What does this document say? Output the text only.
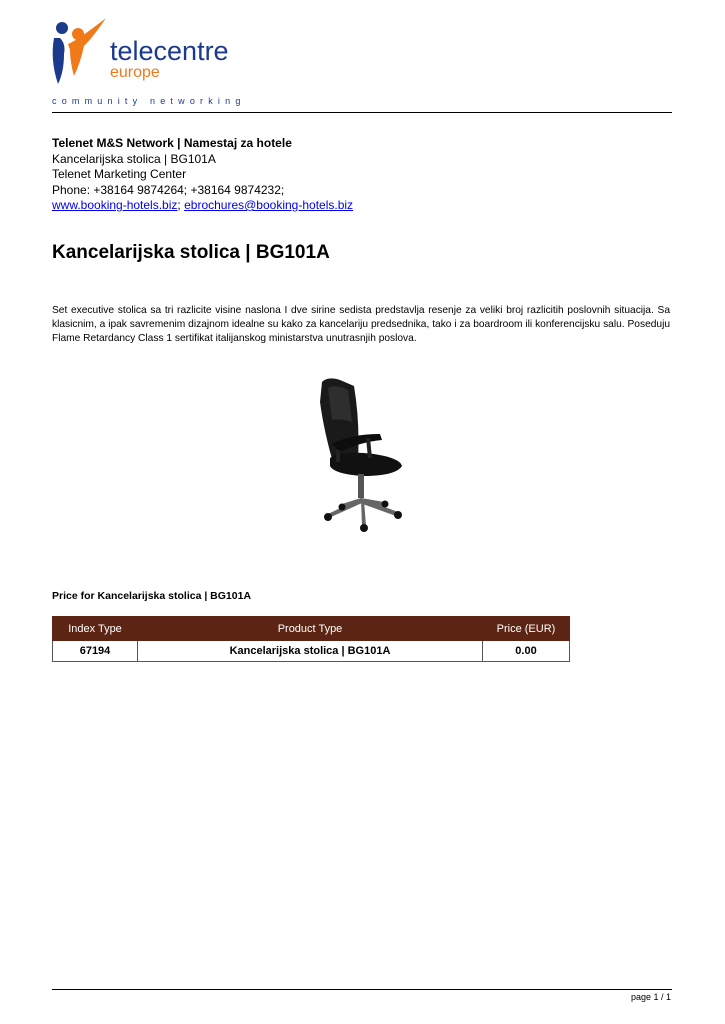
telecentre
europe
community networking
Telenet M&S Network | Namestaj za hotele
Kancelarijska stolica | BG101A
Telenet Marketing Center
Phone: +38164 9874264; +38164 9874232;
www.booking-hotels.biz; ebrochures@booking-hotels.biz
Kancelarijska stolica | BG101A

Set executive stolica sa tri razlicite visine naslona I dve sirine sedista predstavlja resenje za veliki broj razlicitih poslovnih situacija. Sa klasicnim, a ipak savremenim dizajnom idealne su kako za kancelariju predsednika, tako i za boardroom ili konferencijsku salu. Poseduju Flame Retardancy Class 1 sertifikat italijanskog ministarstva unutrasnjih poslova.

Price for Kancelarijska stolica | BG101A
Index Type	Product Type	Price (EUR)
67194	Kancelarijska stolica | BG101A	0.00
page 1 / 1
